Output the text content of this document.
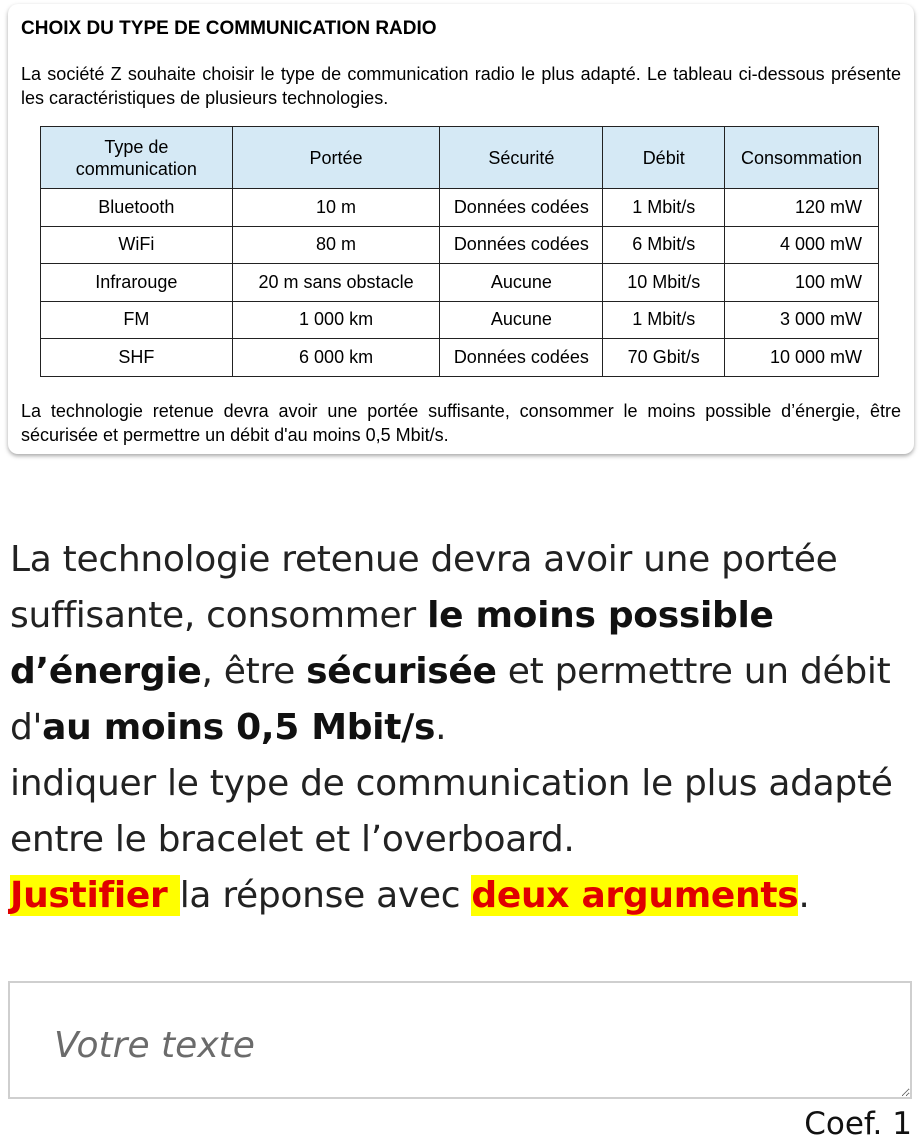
CHOIX DU TYPE DE COMMUNICATION RADIO
La société Z souhaite choisir le type de communication radio le plus adapté. Le tableau ci-dessous présente les caractéristiques de plusieurs technologies.
Type de communication	Portée	Sécurité	Débit	Consommation
Bluetooth	10 m	Données codées	1 Mbit/s	120 mW
WiFi	80 m	Données codées	6 Mbit/s	4 000 mW
Infrarouge	20 m sans obstacle	Aucune	10 Mbit/s	100 mW
FM	1 000 km	Aucune	1 Mbit/s	3 000 mW
SHF	6 000 km	Données codées	70 Gbit/s	10 000 mW
La technologie retenue devra avoir une portée suffisante, consommer le moins possible d’énergie, être sécurisée et permettre un débit d'au moins 0,5 Mbit/s.
La technologie retenue devra avoir une portée suffisante, consommer le moins possible d’énergie, être sécurisée et permettre un débit d'au moins 0,5 Mbit/s.
indiquer le type de communication le plus adapté entre le bracelet et l’overboard.
Justifier la réponse avec deux arguments.
Votre texte
Coef. 1
